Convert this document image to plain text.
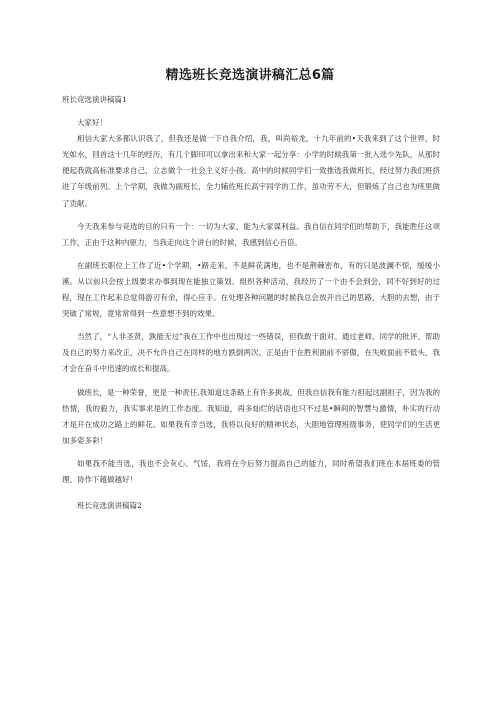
精选班长竞选演讲稿汇总6篇

班长竞选演讲稿篇1

大家好！

相信大家大多都认识我了，但我还是做一下自我介绍，我，叫尚裕龙，十九年前的•天我来到了这个世界，时光如水，回首这十几年的经历，有几个脚印可以拿出来和大家一起分享：小学的时候我第一批入选少先队，从那时便起我就高标准要求自己，立志做个一社会主义好小孩。高中的时候同学们一致推选我做班长，经过努力我们班挤进了年级前列。上个学期，我做为副班长，全力辅佐班长高宇同学的工作，虽功劳不大，但锻炼了自己也为班里做了贡献。

今天我来参与竞选的目的只有一个：一切为大家，能为大家谋利益。我自信在同学们的帮助下，我能胜任这项工作，正由于这种内驱力，当我走向这个讲台的时候，我感到信心百倍。

在副班长职位上工作了近•个学期，•路走来，不是鲜花满地，也不是荆棘密布，有的只是波澜不惊，缓缓小溪。从以前只会按上级要求办事到现在能独立策划、组织各种活动，我经历了一个由不会到会，同不好到好的过程，现在工作起来总觉得游刃有余，得心应手。在处理各种问题的时候我总会放开自己的思路，大胆的去想，由于突破了常规，竟常常得到一些意想不到的效果。

当然了，“人非圣贤，孰能无过”我在工作中也出现过一些错误，但我敢于面对。通过老师、同学的批评、帮助及自己的努力来改正，决不允许自己在同样的地方跌倒两次。正是由于在胜利面前不骄傲，在失败面前不低头，我才会在奋斗中迅速的成长和提高。

做班长，是一种荣誉，更是一种责任,我知道这条路上有许多挑战，但我自信我有能力担起这副担子，因为我的热情，我的毅力，我实事求是的工作态度。我知道，再多灿烂的话语也只不过是•瞬间的智慧与激情，朴实的行动才是开在成功之路上的鲜花。如果我有幸当选，我将以良好的精神状态，大胆地管理班级事务，使同学们的生活更加多姿多彩！

如果我不能当选，我也不会灰心、气馁，我将在今后努力提高自己的能力，同时希望我们班在本届班委的管理、协作下越做越好！

班长竞选演讲稿篇2
